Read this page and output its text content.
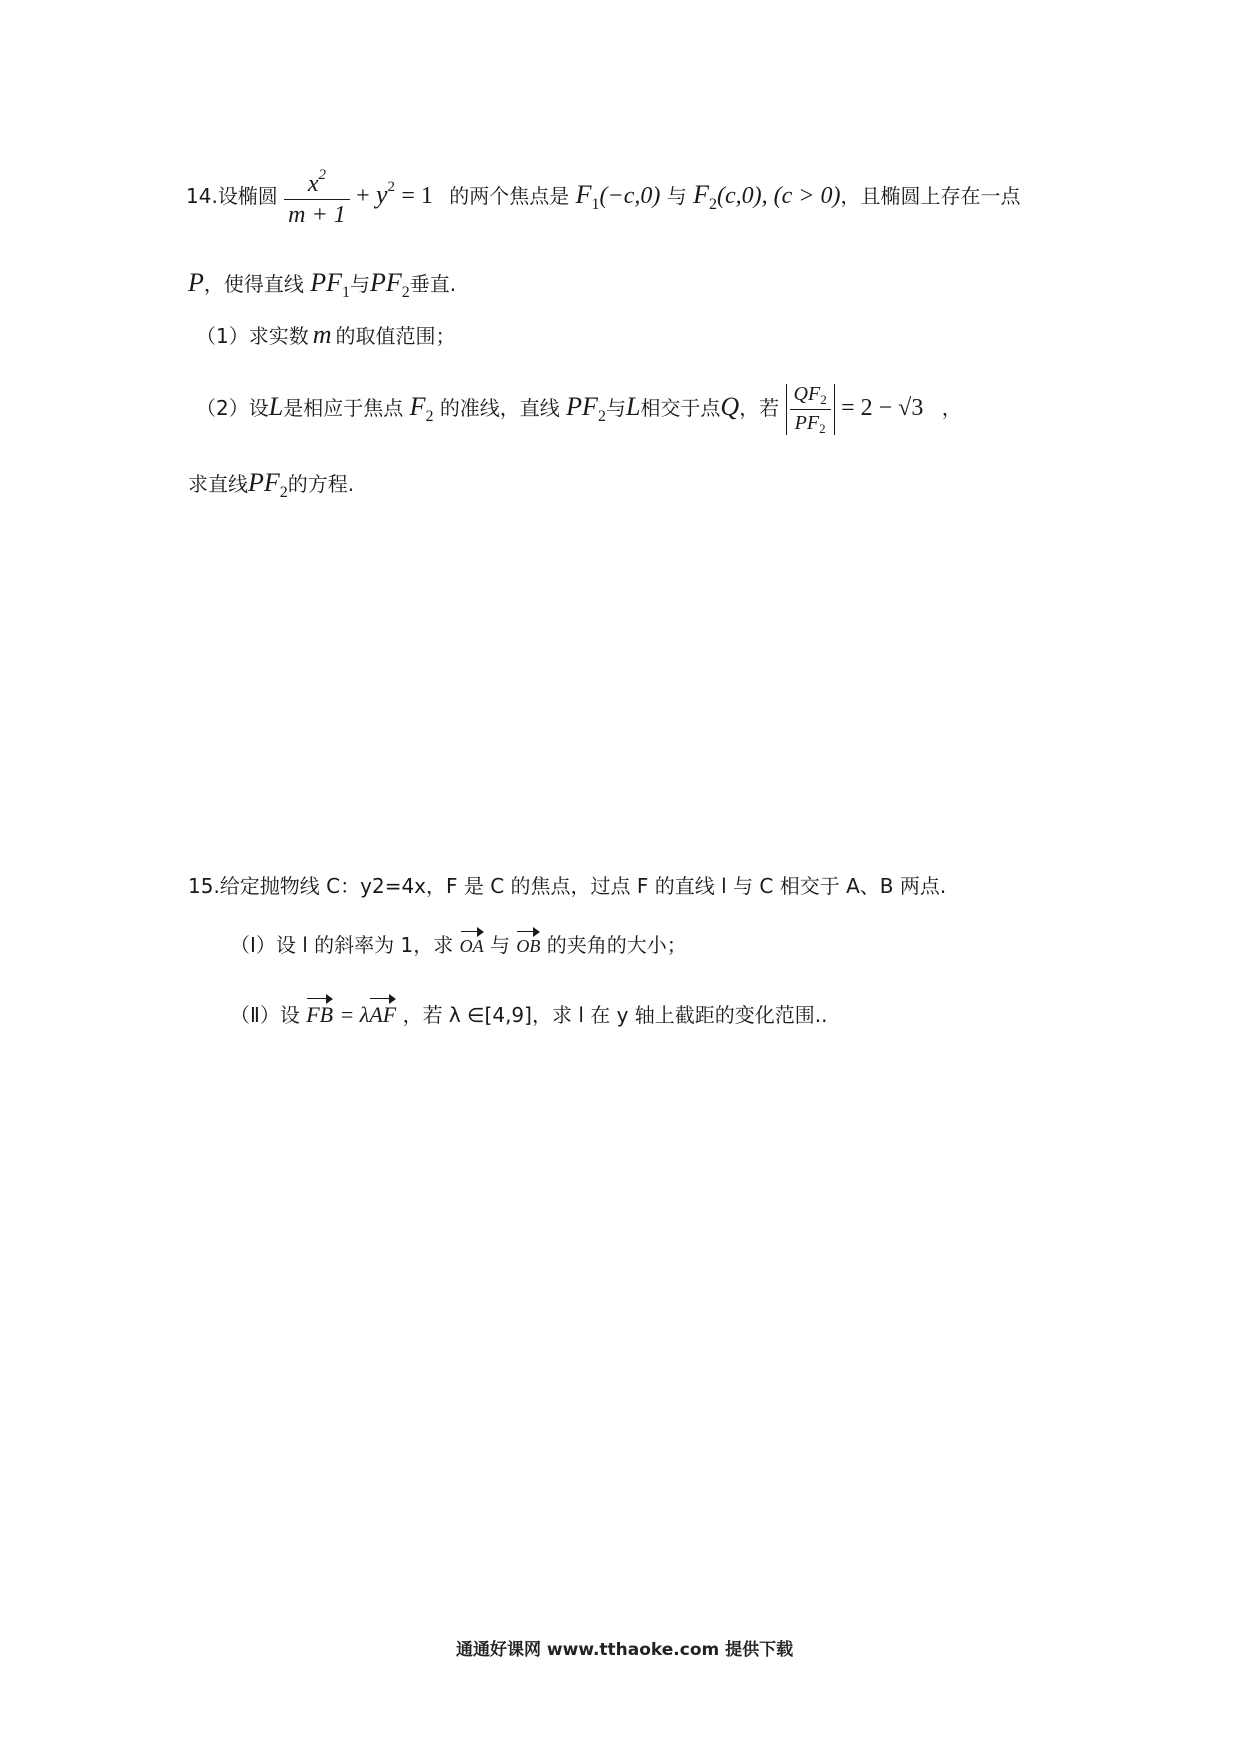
14.设椭圆 $\frac{x^2}{m + 1} + y^2 = 1$ 的两个焦点是 $F_1(-c,0)$ 与 $F_2(c,0)$, (c > 0)，且椭圆上存在一点
P，使得直线 $PF_1$与$PF_2$垂直.
（1）求实数 m 的取值范围；
（2）设L是相应于焦点 $F_2$ 的准线，直线 $PF_2$与L相交于点Q，若 $\frac{QF_2}{PF_2} = 2 - √3$ ，
求直线$PF_2$的方程.
15.给定抛物线 C：y2=4x，F 是 C 的焦点，过点 F 的直线 l 与 C 相交于 A、B 两点.
（Ⅰ）设 l 的斜率为 1，求 OA 与 OB 的夹角的大小；
（Ⅱ）设 FB = λAF ，若 λ ∈[4,9]，求 l 在 y 轴上截距的变化范围..
通通好课网 www.tthaoke.com 提供下载
